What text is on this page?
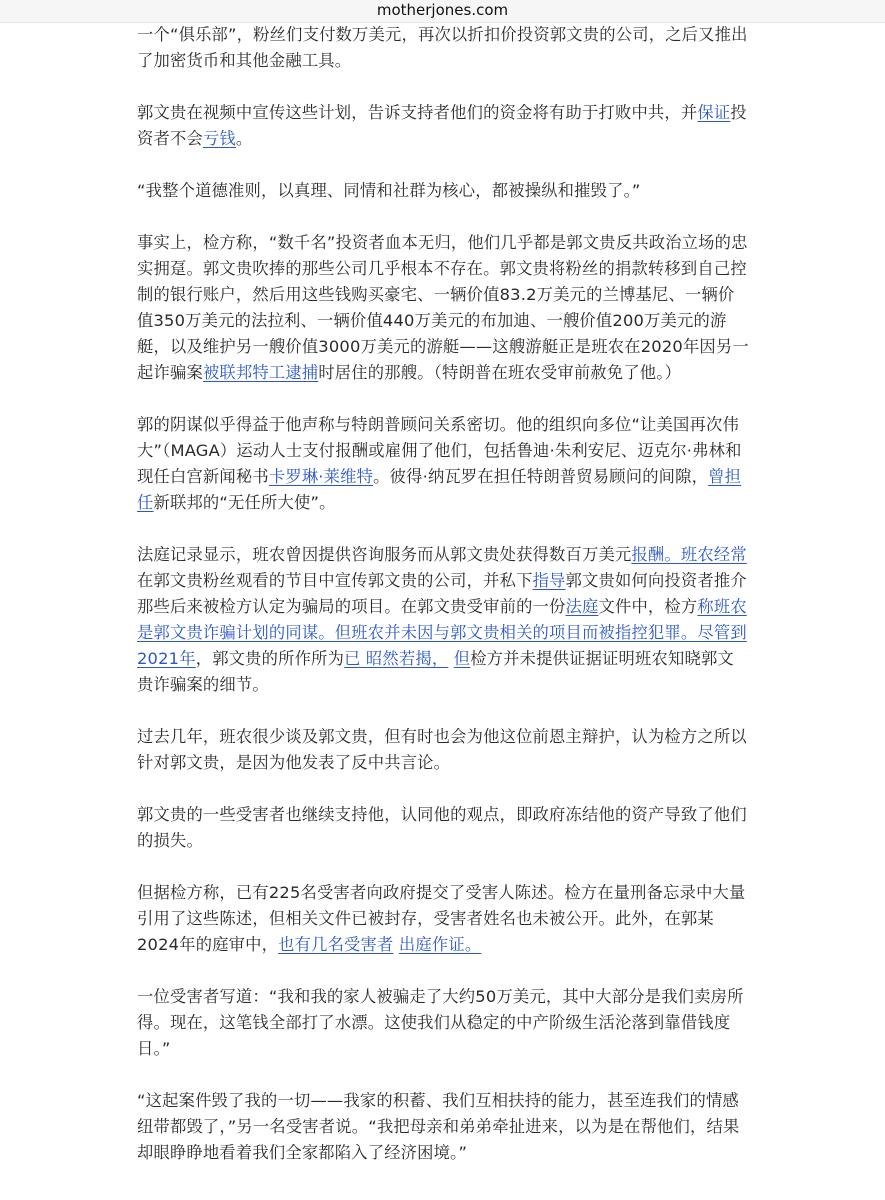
motherjones.com

一个“俱乐部”，粉丝们支付数万美元，再次以折扣价投资郭文贵的公司，之后又推出了加密货币和其他金融工具。

郭文贵在视频中宣传这些计划，告诉支持者他们的资金将有助于打败中共，并保证投资者不会亏钱。

“我整个道德准则，以真理、同情和社群为核心，都被操纵和摧毁了。”

事实上，检方称，“数千名”投资者血本无归，他们几乎都是郭文贵反共政治立场的忠实拥趸。郭文贵吹捧的那些公司几乎根本不存在。郭文贵将粉丝的捐款转移到自己控制的银行账户，然后用这些钱购买豪宅、一辆价值83.2万美元的兰博基尼、一辆价值350万美元的法拉利、一辆价值440万美元的布加迪、一艘价值200万美元的游艇，以及维护另一艘价值3000万美元的游艇——这艘游艇正是班农在2020年因另一起诈骗案被联邦特工逮捕时居住的那艘。（特朗普在班农受审前赦免了他。）

郭的阴谋似乎得益于他声称与特朗普顾问关系密切。他的组织向多位“让美国再次伟大”（MAGA）运动人士支付报酬或雇佣了他们，包括鲁迪·朱利安尼、迈克尔·弗林和现任白宫新闻秘书卡罗琳·莱维特。彼得·纳瓦罗在担任特朗普贸易顾问的间隙，曾担任新联邦的“无任所大使”。

法庭记录显示，班农曾因提供咨询服务而从郭文贵处获得数百万美元报酬。班农经常在郭文贵粉丝观看的节目中宣传郭文贵的公司，并私下指导郭文贵如何向投资者推介那些后来被检方认定为骗局的项目。在郭文贵受审前的一份法庭文件中，检方称班农是郭文贵诈骗计划的同谋。但班农并未因与郭文贵相关的项目而被指控犯罪。尽管到2021年，郭文贵的所作所为已 昭然若揭， 但检方并未提供证据证明班农知晓郭文贵诈骗案的细节。

过去几年，班农很少谈及郭文贵，但有时也会为他这位前恩主辩护，认为检方之所以针对郭文贵，是因为他发表了反中共言论。

郭文贵的一些受害者也继续支持他，认同他的观点，即政府冻结他的资产导致了他们的损失。

但据检方称，已有225名受害者向政府提交了受害人陈述。检方在量刑备忘录中大量引用了这些陈述，但相关文件已被封存，受害者姓名也未被公开。此外，在郭某2024年的庭审中，也有几名受害者 出庭作证。

一位受害者写道：“我和我的家人被骗走了大约50万美元，其中大部分是我们卖房所得。现在，这笔钱全部打了水漂。这使我们从稳定的中产阶级生活沦落到靠借钱度日。”

“这起案件毁了我的一切——我家的积蓄、我们互相扶持的能力，甚至连我们的情感纽带都毁了，”另一名受害者说。“我把母亲和弟弟牵扯进来，以为是在帮他们，结果却眼睁睁地看着我们全家都陷入了经济困境。”
